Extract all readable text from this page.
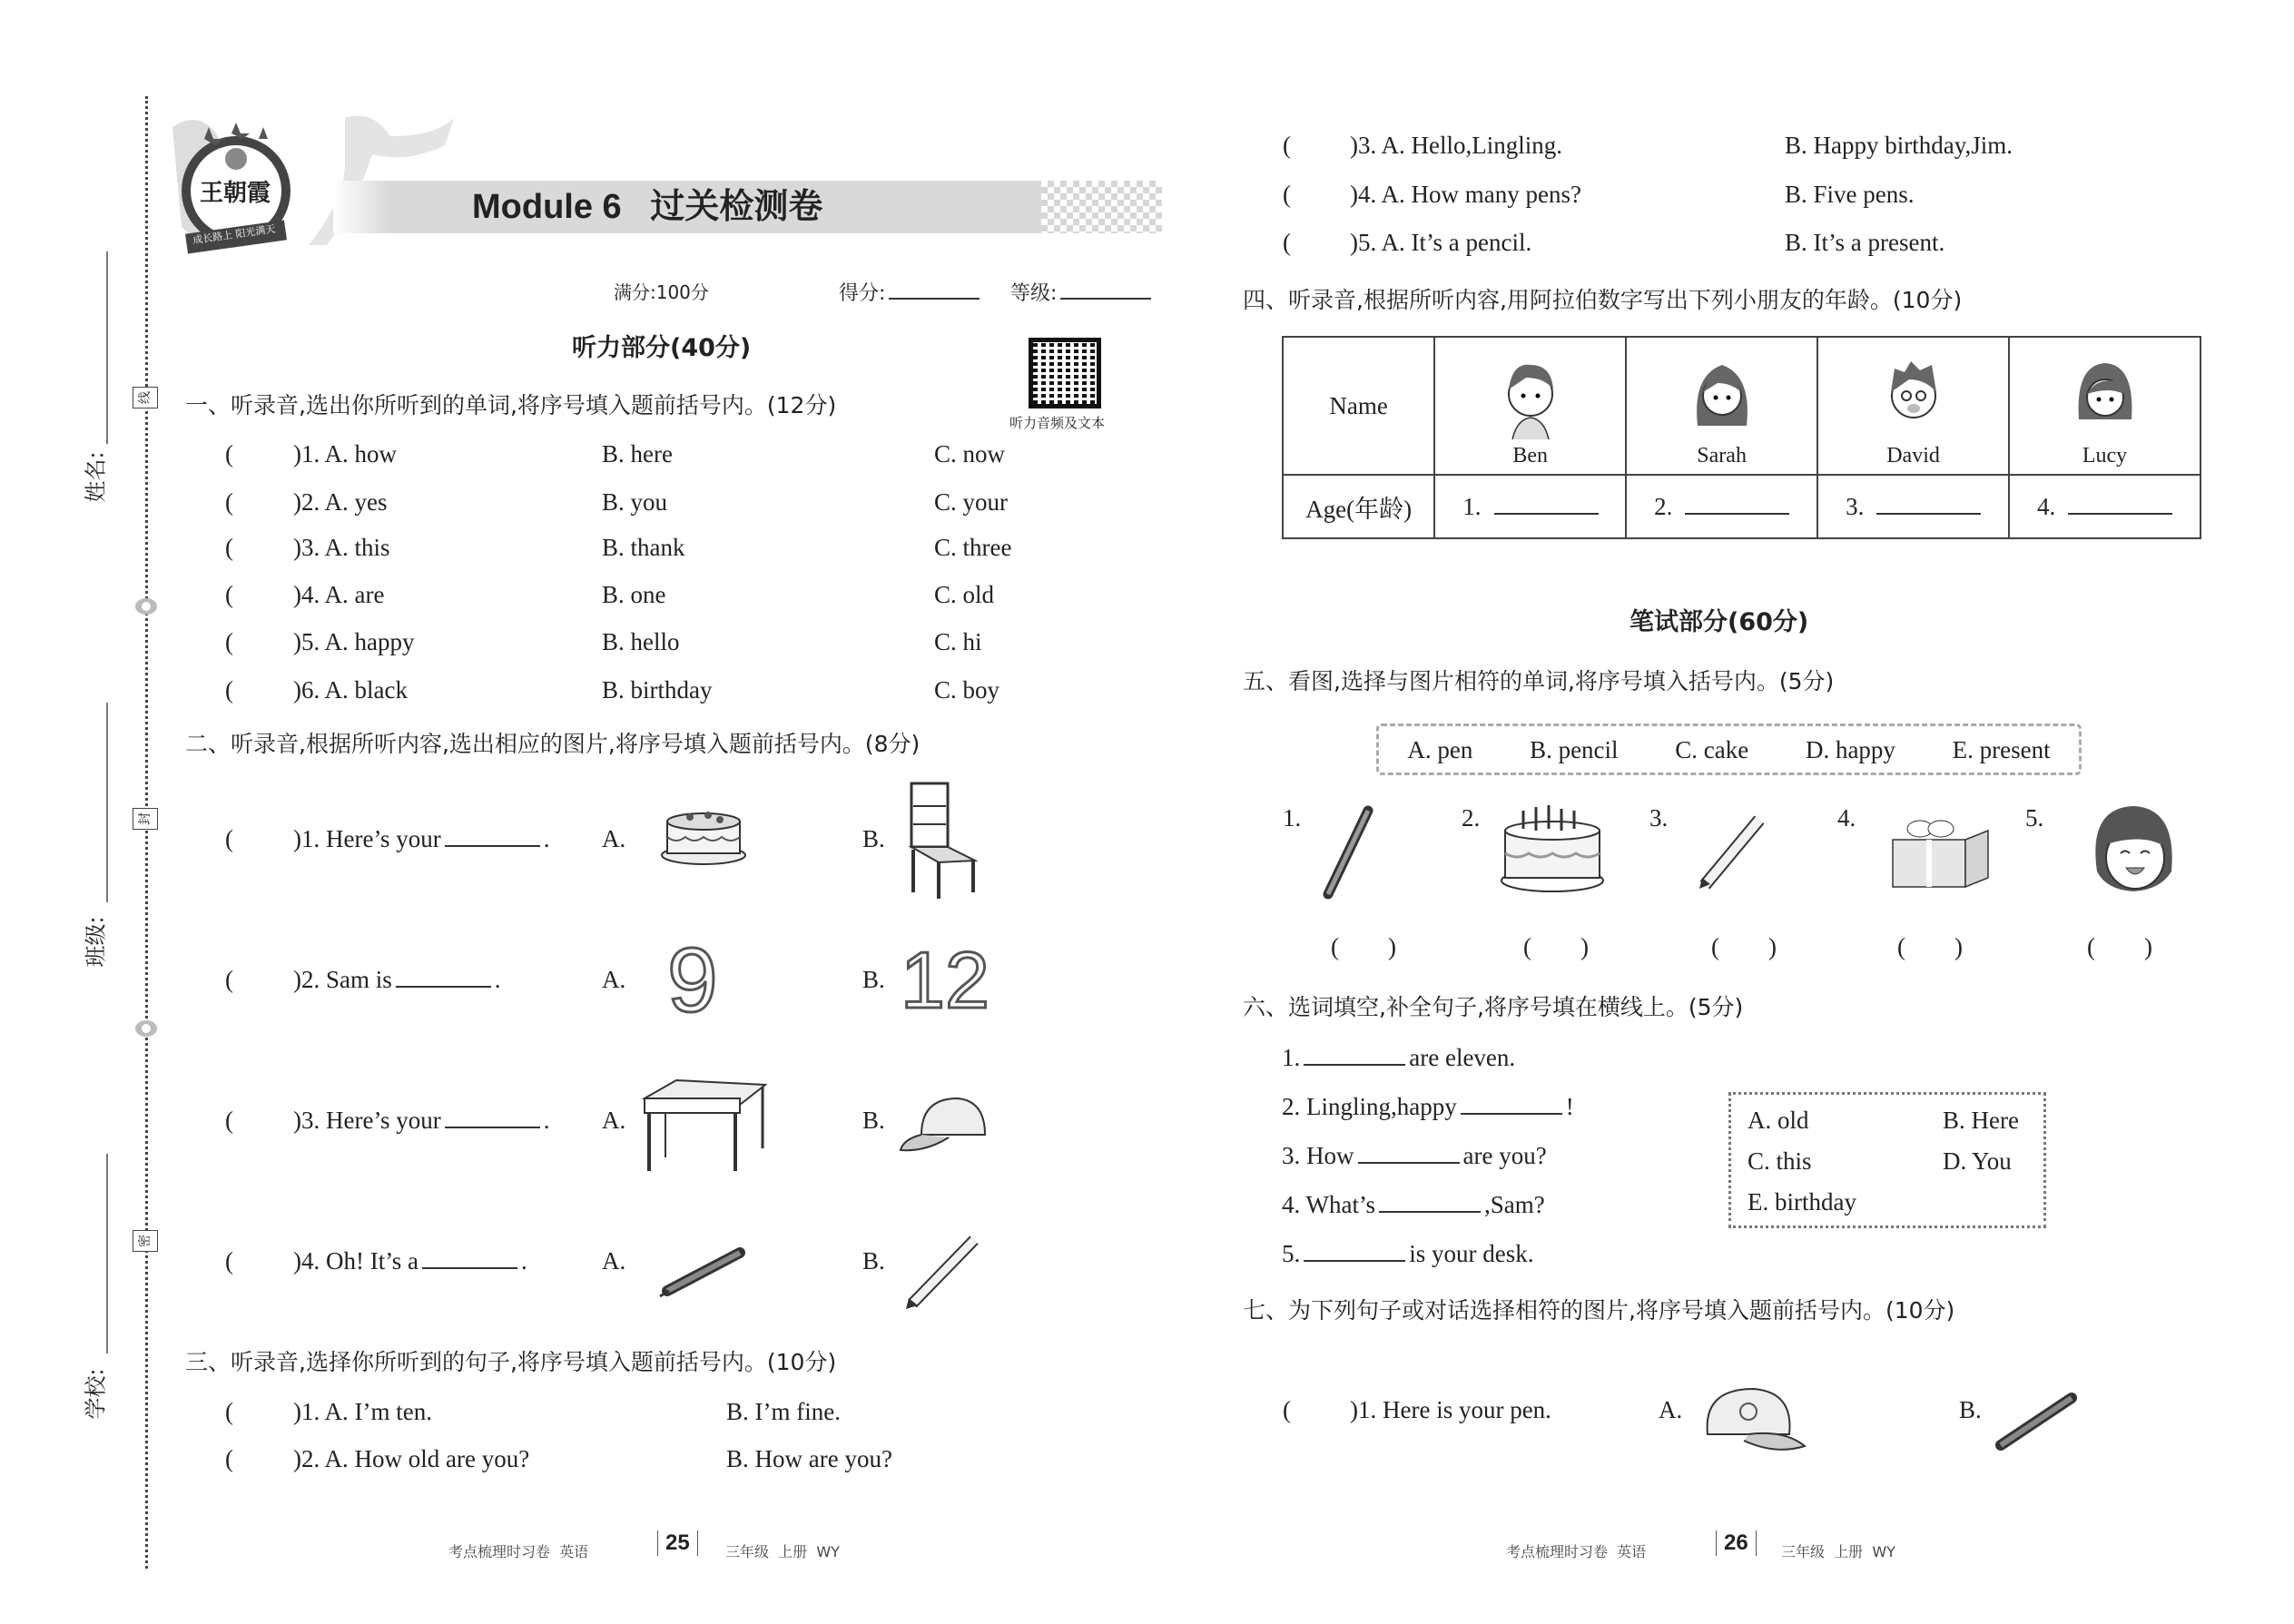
姓名:
班级:
学校:
线
封
密
Module 6   过关检测卷
王朝霞
成长路上 阳光满天
满分:100分	得分:	等级:
听力部分(40分)
听力音频及文本
一、听录音,选出你所听到的单词,将序号填入题前括号内。(12分)
( )1. A. how	B. here	C. now
( )2. A. yes	B. you	C. your
( )3. A. this	B. thank	C. three
( )4. A. are	B. one	C. old
( )5. A. happy	B. hello	C. hi
( )6. A. black	B. birthday	C. boy
二、听录音,根据所听内容,选出相应的图片,将序号填入题前括号内。(8分)
( )1. Here’s your	. A.	B.
( )2. Sam is	.	A. 9	B. 12
( )3. Here’s your	. A.	B.
( )4. Oh! It’s a	.	A.	B.
三、听录音,选择你所听到的句子,将序号填入题前括号内。(10分)
( )1. A. I’m ten.	B. I’m fine.
( )2. A. How old are you?	B. How are you?
( )3. A. Hello,Lingling.	B. Happy birthday,Jim.
( )4. A. How many pens?	B. Five pens.
( )5. A. It’s a pencil.	B. It’s a present.
考点梳理时习卷  英语	25	三年级  上册  WY
四、听录音,根据所听内容,用阿拉伯数字写出下列小朋友的年龄。(10分)
Name	Ben	Sarah	David	Lucy

Age(年龄)	1.	2.	3.	4.
笔试部分(60分)
五、看图,选择与图片相符的单词,将序号填入括号内。(5分)
A. pen B. pencil C. cake D. happy E. present
1.	2.	3.	4.	5.
(        )	(        )	(        )	(        )	(        )
六、选词填空,补全句子,将序号填在横线上。(5分)
1.	are eleven.
2. Lingling,happy	!
3. How	are you?
4. What’s	,Sam?
5.	is your desk.
A. old	B. Here
C. this	D. You
E. birthday
七、为下列句子或对话选择相符的图片,将序号填入题前括号内。(10分)
( )1. Here is your pen.	A.	B.
考点梳理时习卷  英语	26	三年级  上册  WY
